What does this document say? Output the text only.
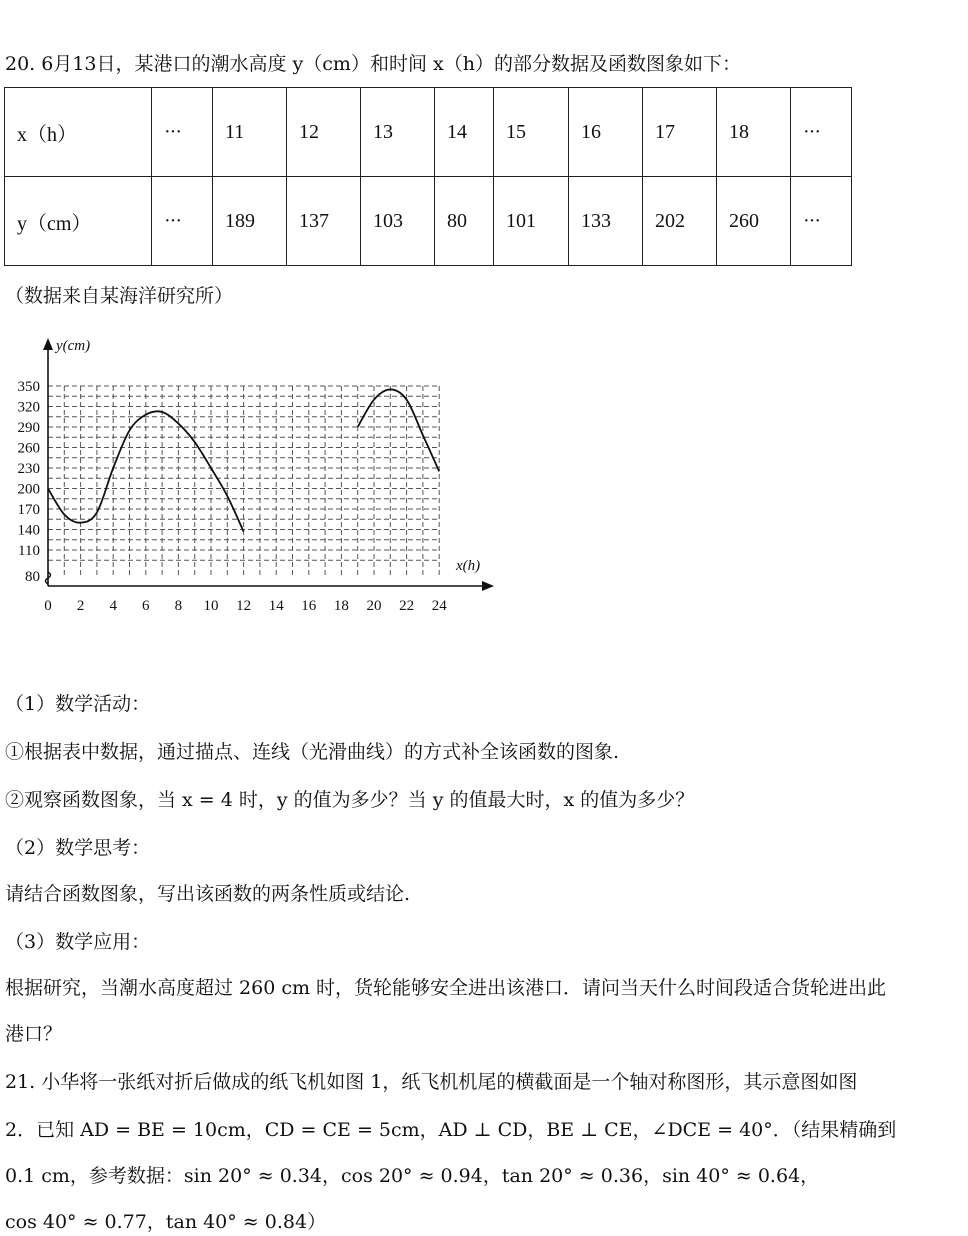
20. 6月13日，某港口的潮水高度 y（cm）和时间 x（h）的部分数据及函数图象如下：
x（h）	···	11	12	13	14	15	16	17	18	···
y（cm）	···	189	137	103	80	101	133	202	260	···
（数据来自某海洋研究所）
0 2 4 6 8 10 12 14 16 18 20 22 24
80
110
140
170
200
230
260
290
320
350
y(cm)
x(h)
（1）数学活动：
①根据表中数据，通过描点、连线（光滑曲线）的方式补全该函数的图象.
②观察函数图象，当 x = 4 时，y 的值为多少？当 y 的值最大时，x 的值为多少？
（2）数学思考：
请结合函数图象，写出该函数的两条性质或结论.
（3）数学应用：
根据研究，当潮水高度超过 260 cm 时，货轮能够安全进出该港口．请问当天什么时间段适合货轮进出此
港口？
21. 小华将一张纸对折后做成的纸飞机如图 1，纸飞机机尾的横截面是一个轴对称图形，其示意图如图
2．已知 AD = BE = 10cm，CD = CE = 5cm，AD ⊥ CD，BE ⊥ CE，∠DCE = 40°．（结果精确到
0.1 cm，参考数据：sin 20° ≈ 0.34，cos 20° ≈ 0.94，tan 20° ≈ 0.36，sin 40° ≈ 0.64，
cos 40° ≈ 0.77，tan 40° ≈ 0.84）
